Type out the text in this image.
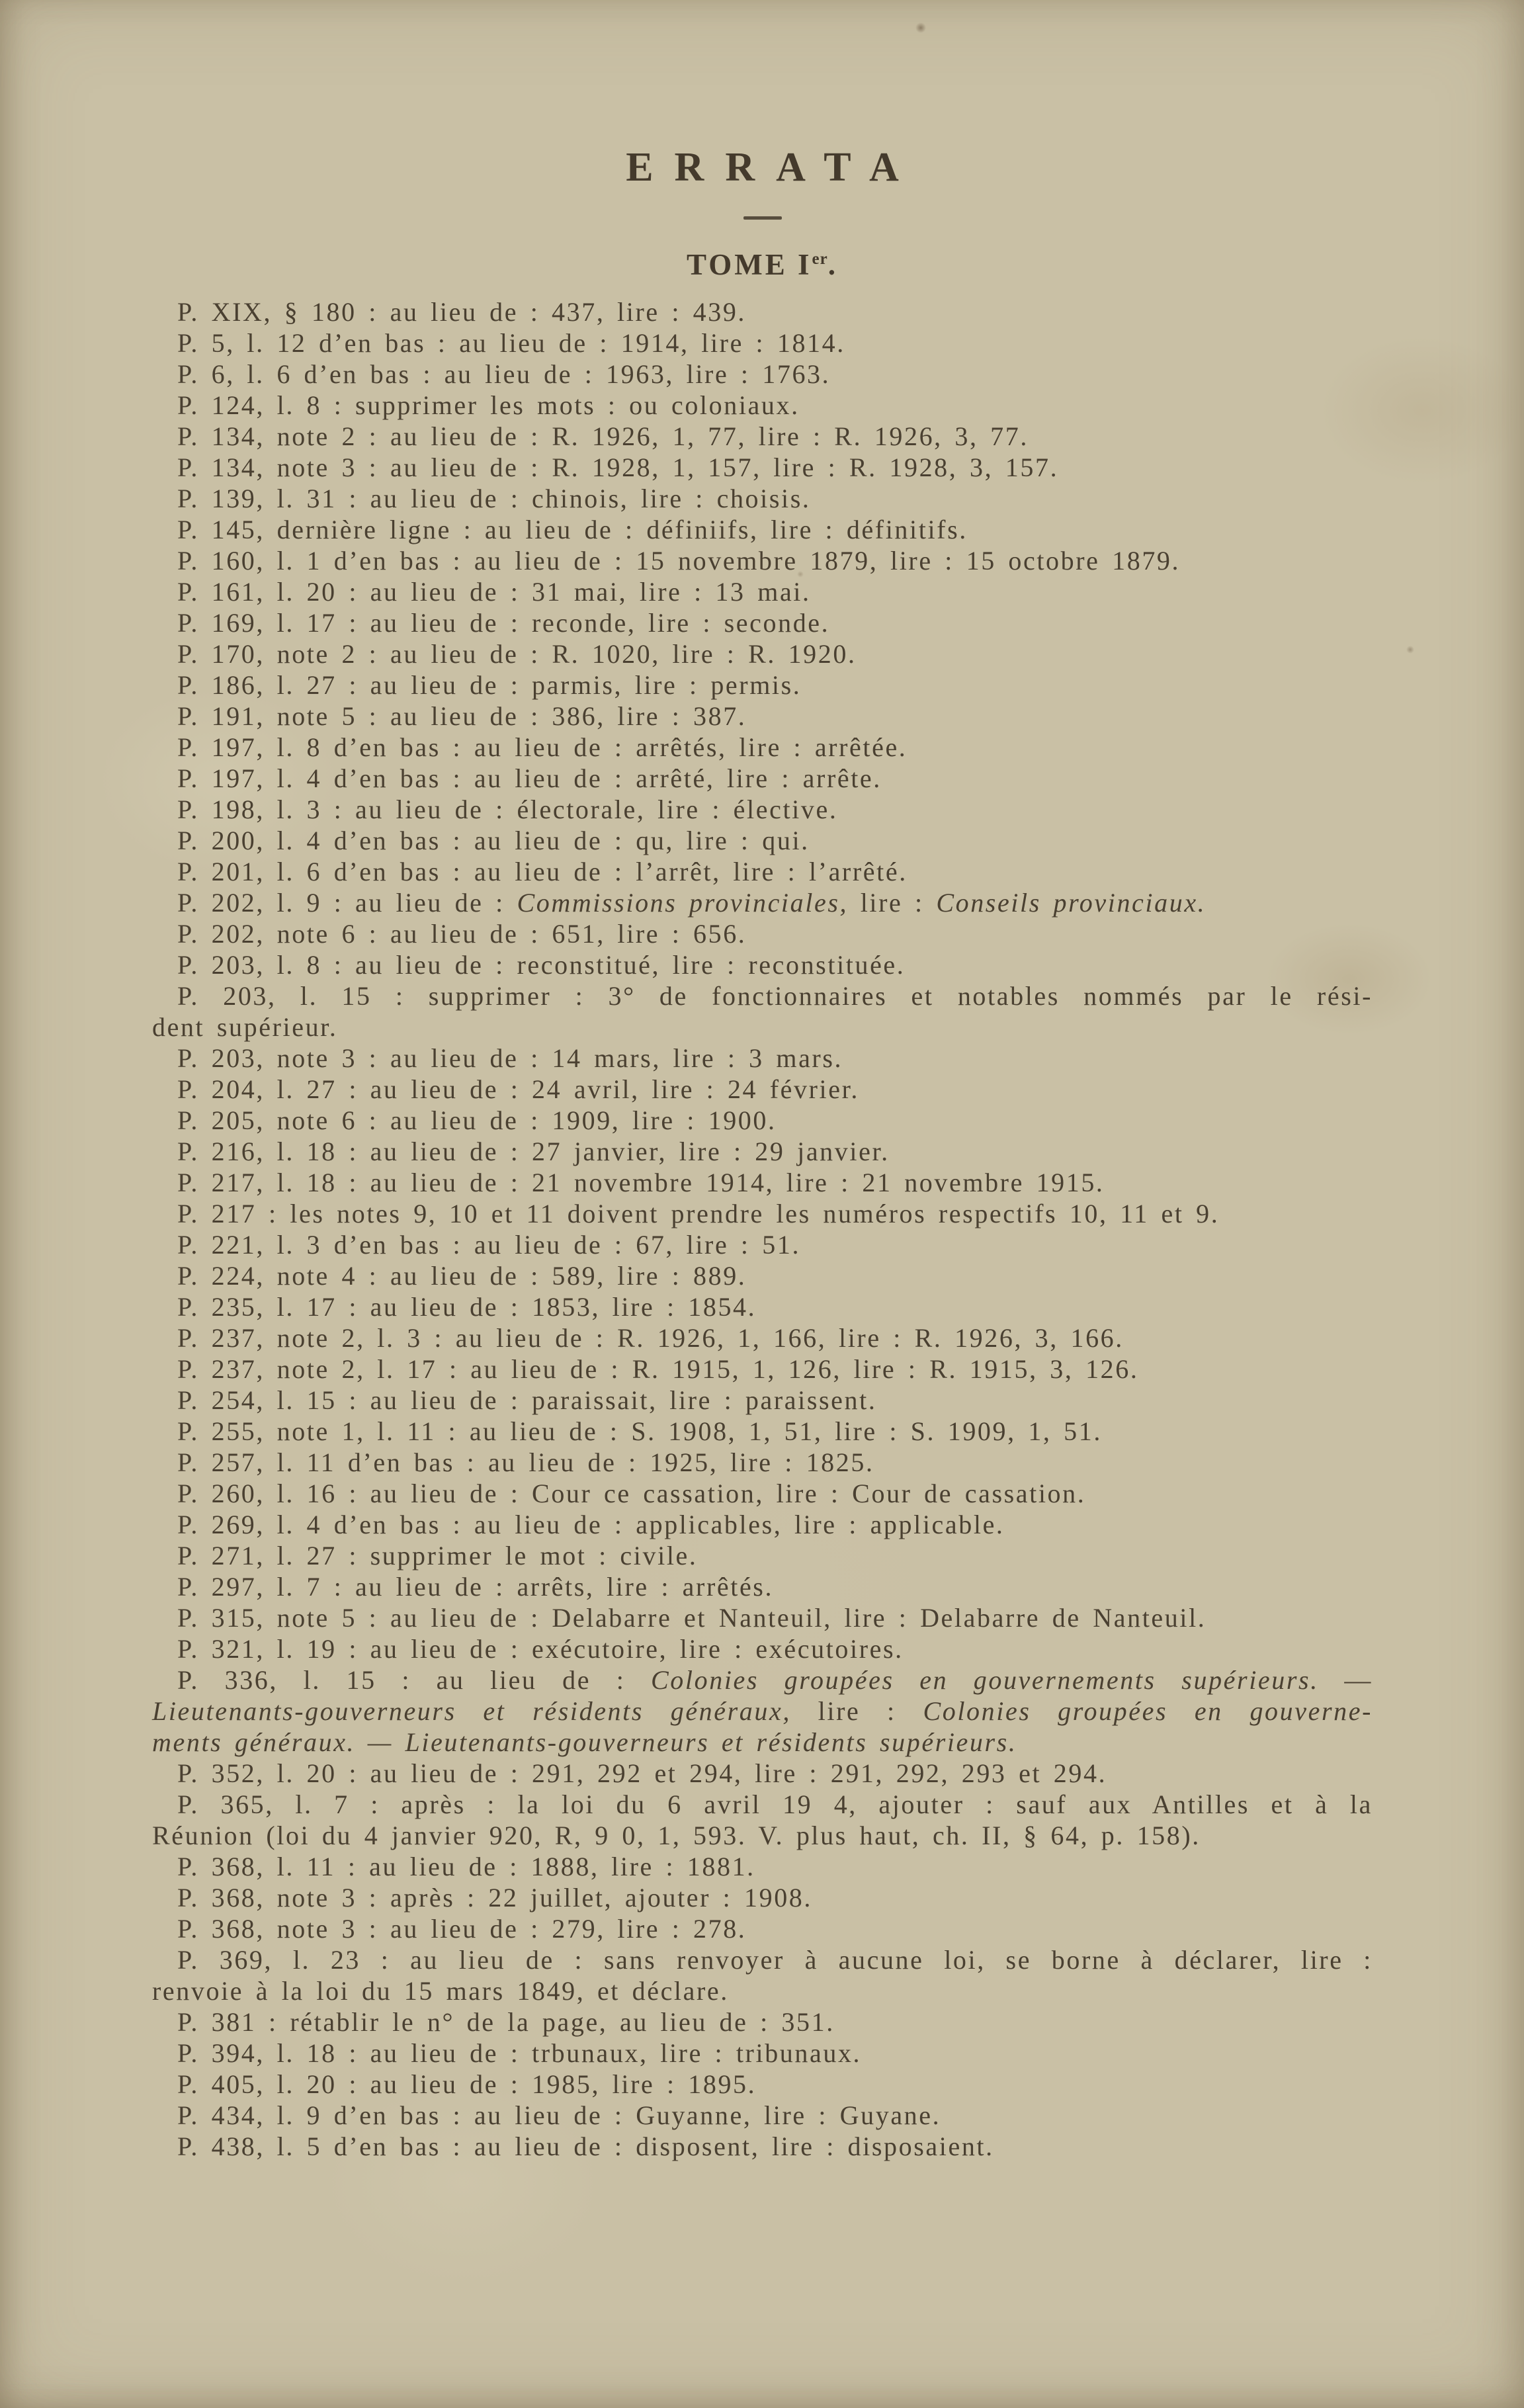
ERRATA
TOME Ier.

P. XIX, § 180 : au lieu de : 437, lire : 439.

P. 5, l. 12 d’en bas : au lieu de : 1914, lire : 1814.

P. 6, l. 6 d’en bas : au lieu de : 1963, lire : 1763.

P. 124, l. 8 : supprimer les mots : ou coloniaux.

P. 134, note 2 : au lieu de : R. 1926, 1, 77, lire : R. 1926, 3, 77.

P. 134, note 3 : au lieu de : R. 1928, 1, 157, lire : R. 1928, 3, 157.

P. 139, l. 31 : au lieu de : chinois, lire : choisis.

P. 145, dernière ligne : au lieu de : définiifs, lire : définitifs.

P. 160, l. 1 d’en bas : au lieu de : 15 novembre 1879, lire : 15 octobre 1879.

P. 161, l. 20 : au lieu de : 31 mai, lire : 13 mai.

P. 169, l. 17 : au lieu de : reconde, lire : seconde.

P. 170, note 2 : au lieu de : R. 1020, lire : R. 1920.

P. 186, l. 27 : au lieu de : parmis, lire : permis.

P. 191, note 5 : au lieu de : 386, lire : 387.

P. 197, l. 8 d’en bas : au lieu de : arrêtés, lire : arrêtée.

P. 197, l. 4 d’en bas : au lieu de : arrêté, lire : arrête.

P. 198, l. 3 : au lieu de : électorale, lire : élective.

P. 200, l. 4 d’en bas : au lieu de : qu, lire : qui.

P. 201, l. 6 d’en bas : au lieu de : l’arrêt, lire : l’arrêté.

P. 202, l. 9 : au lieu de : Commissions provinciales, lire : Conseils provinciaux.

P. 202, note 6 : au lieu de : 651, lire : 656.

P. 203, l. 8 : au lieu de : reconstitué, lire : reconstituée.

P. 203, l. 15 : supprimer : 3° de fonctionnaires et notables nommés par le rési-

dent supérieur.

P. 203, note 3 : au lieu de : 14 mars, lire : 3 mars.

P. 204, l. 27 : au lieu de : 24 avril, lire : 24 février.

P. 205, note 6 : au lieu de : 1909, lire : 1900.

P. 216, l. 18 : au lieu de : 27 janvier, lire : 29 janvier.

P. 217, l. 18 : au lieu de : 21 novembre 1914, lire : 21 novembre 1915.

P. 217 : les notes 9, 10 et 11 doivent prendre les numéros respectifs 10, 11 et 9.

P. 221, l. 3 d’en bas : au lieu de : 67, lire : 51.

P. 224, note 4 : au lieu de : 589, lire : 889.

P. 235, l. 17 : au lieu de : 1853, lire : 1854.

P. 237, note 2, l. 3 : au lieu de : R. 1926, 1, 166, lire : R. 1926, 3, 166.

P. 237, note 2, l. 17 : au lieu de : R. 1915, 1, 126, lire : R. 1915, 3, 126.

P. 254, l. 15 : au lieu de : paraissait, lire : paraissent.

P. 255, note 1, l. 11 : au lieu de : S. 1908, 1, 51, lire : S. 1909, 1, 51.

P. 257, l. 11 d’en bas : au lieu de : 1925, lire : 1825.

P. 260, l. 16 : au lieu de : Cour ce cassation, lire : Cour de cassation.

P. 269, l. 4 d’en bas : au lieu de : applicables, lire : applicable.

P. 271, l. 27 : supprimer le mot : civile.

P. 297, l. 7 : au lieu de : arrêts, lire : arrêtés.

P. 315, note 5 : au lieu de : Delabarre et Nanteuil, lire : Delabarre de Nanteuil.

P. 321, l. 19 : au lieu de : exécutoire, lire : exécutoires.

P. 336, l. 15 : au lieu de : Colonies groupées en gouvernements supérieurs. —

Lieutenants-gouverneurs et résidents généraux, lire : Colonies groupées en gouverne-

ments généraux. — Lieutenants-gouverneurs et résidents supérieurs.

P. 352, l. 20 : au lieu de : 291, 292 et 294, lire : 291, 292, 293 et 294.

P. 365, l. 7 : après : la loi du 6 avril 19 4, ajouter : sauf aux Antilles et à la

Réunion (loi du 4 janvier 920, R, 9 0, 1, 593. V. plus haut, ch. II, § 64, p. 158).

P. 368, l. 11 : au lieu de : 1888, lire : 1881.

P. 368, note 3 : après : 22 juillet, ajouter : 1908.

P. 368, note 3 : au lieu de : 279, lire : 278.

P. 369, l. 23 : au lieu de : sans renvoyer à aucune loi, se borne à déclarer, lire :

renvoie à la loi du 15 mars 1849, et déclare.

P. 381 : rétablir le n° de la page, au lieu de : 351.

P. 394, l. 18 : au lieu de : trbunaux, lire : tribunaux.

P. 405, l. 20 : au lieu de : 1985, lire : 1895.

P. 434, l. 9 d’en bas : au lieu de : Guyanne, lire : Guyane.

P. 438, l. 5 d’en bas : au lieu de : disposent, lire : disposaient.
